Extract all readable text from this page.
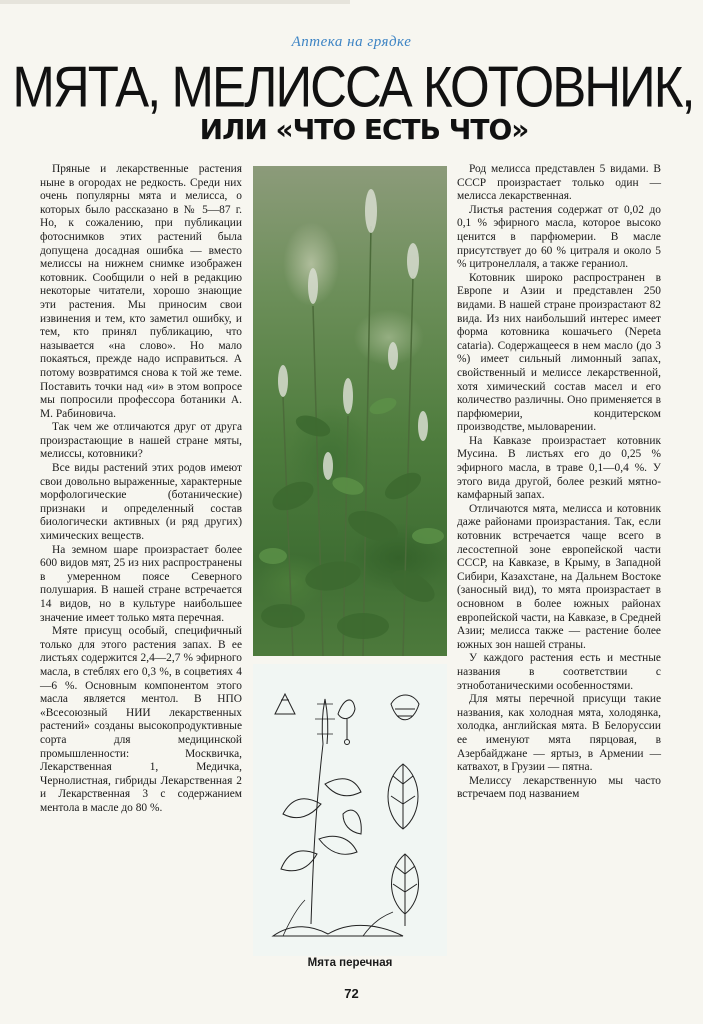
Аптека на грядке
МЯТА, МЕЛИССА КОТОВНИК,
ИЛИ «ЧТО ЕСТЬ ЧТО»

Пряные и лекарственные растения ныне в огородах не редкость. Среди них очень популярны мята и мелисса, о которых было рассказано в № 5—87 г. Но, к сожалению, при публикации фотоснимков этих растений была допущена досадная ошибка — вместо мелиссы на нижнем снимке изображен котовник. Сообщили о ней в редакцию некоторые читатели, хорошо знающие эти растения. Мы приносим свои извинения и тем, кто заметил ошибку, и тем, кто принял публикацию, что называется «на слово». Но мало покаяться, прежде надо исправиться. А потому возвратимся снова к той же теме. Поставить точки над «и» в этом вопросе мы попросили профессора ботаники А. М. Рабиновича.

Так чем же отличаются друг от друга произрастающие в нашей стране мяты, мелиссы, котовники?

Все виды растений этих родов имеют свои довольно выраженные, характерные морфологические (ботанические) признаки и определенный состав биологически активных (и ряд других) химических веществ.

На земном шаре произрастает более 600 видов мят, 25 из них распространены в умеренном поясе Северного полушария. В нашей стране встречается 14 видов, но в культуре наибольшее значение имеет только мята перечная.

Мяте присущ особый, специфичный только для этого растения запах. В ее листьях содержится 2,4—2,7 % эфирного масла, в стеблях его 0,3 %, в соцветиях 4—6 %. Основным компонентом этого масла является ментол. В НПО «Всесоюзный НИИ лекарственных растений» созданы высокопродуктивные сорта для медицинской промышленности: Москвичка, Лекарственная 1, Медичка, Чернолистная, гибриды Лекарственная 2 и Лекарственная 3 с содержанием ментола в масле до 80 %.

Мята перечная

Род мелисса представлен 5 видами. В СССР произрастает только один — мелисса лекарственная.

Листья растения содержат от 0,02 до 0,1 % эфирного масла, которое высоко ценится в парфюмерии. В масле присутствует до 60 % цитраля и около 5 % цитронеллаля, а также гераниол.

Котовник широко распространен в Европе и Азии и представлен 250 видами. В нашей стране произрастают 82 вида. Из них наибольший интерес имеет форма котовника кошачьего (Nepeta cataria). Содержащееся в нем масло (до 3 %) имеет сильный лимонный запах, свойственный и мелиссе лекарственной, хотя химический состав масел и его количество различны. Оно применяется в парфюмерии, кондитерском производстве, мыловарении.

На Кавказе произрастает котовник Мусина. В листьях его до 0,25 % эфирного масла, в траве 0,1—0,4 %. У этого вида другой, более резкий мятно-камфарный запах.

Отличаются мята, мелисса и котовник даже районами произрастания. Так, если котовник встречается чаще всего в лесостепной зоне европейской части СССР, на Кавказе, в Крыму, в Западной Сибири, Казахстане, на Дальнем Востоке (заносный вид), то мята произрастает в основном в более южных районах европейской части, на Кавказе, в Средней Азии; мелисса также — растение более южных зон нашей страны.

У каждого растения есть и местные названия в соответствии с этноботаническими особенностями.

Для мяты перечной присущи такие названия, как холодная мята, холодянка, холодка, английская мята. В Белоруссии ее именуют мята пярцовая, в Азербайджане — яртыз, в Армении — катвахот, в Грузии — пятна.

Мелиссу лекарственную мы часто встречаем под названием

72
